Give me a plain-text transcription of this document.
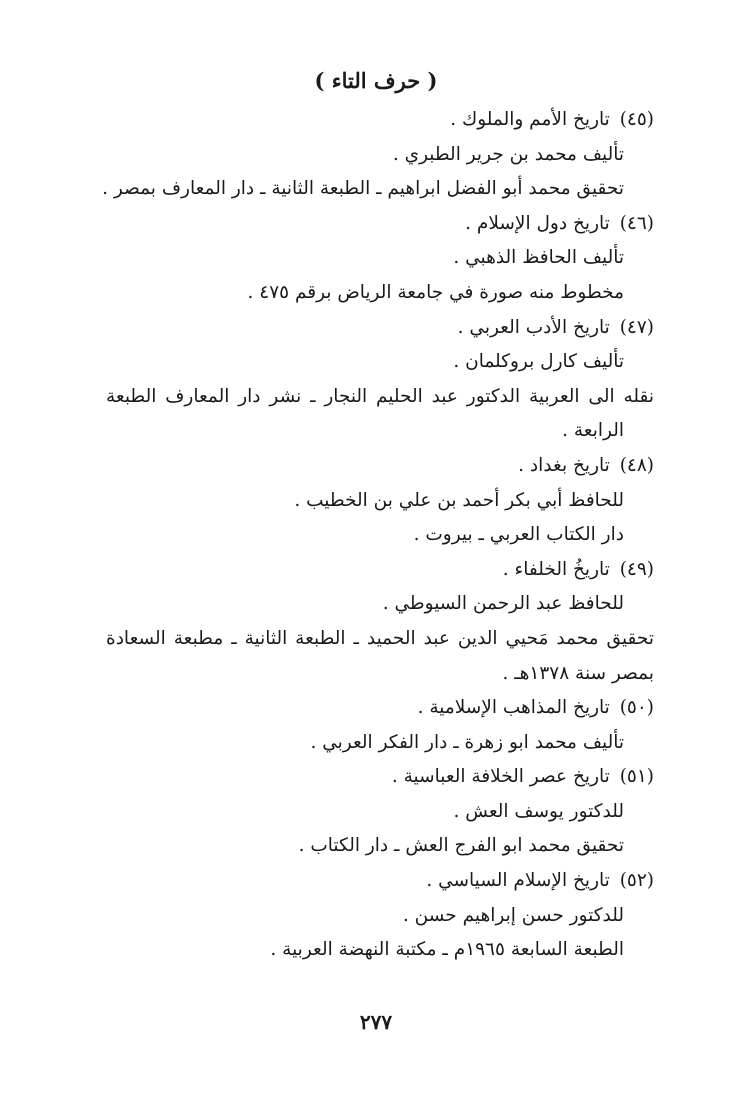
( حرف التاء )
(٤٥) تاريخ الأمم والملوك .
تأليف محمد بن جرير الطبري .
تحقيق محمد أبو الفضل ابراهيم ـ الطبعة الثانية ـ دار المعارف بمصر .
(٤٦) تاريخ دول الإسلام .
تأليف الحافظ الذهبي .
مخطوط منه صورة في جامعة الرياض برقم ٤٧٥ .
(٤٧) تاريخ الأدب العربي .
تأليف كارل بروكلمان .
نقله الى العربية الدكتور عبد الحليم النجار ـ نشر دار المعارف الطبعة
الرابعة .
(٤٨) تاريخ بغداد .
للحافظ أبي بكر أحمد بن علي بن الخطيب .
دار الكتاب العربي ـ بيروت .
(٤٩) تاريخُ الخلفاء .
للحافظ عبد الرحمن السيوطي .
تحقيق محمد مَحيي الدين عبد الحميد ـ الطبعة الثانية ـ مطبعة السعادة
بمصر سنة ١٣٧٨هـ .
(٥٠) تاريخ المذاهب الإسلامية .
تأليف محمد ابو زهرة ـ دار الفكر العربي .
(٥١) تاريخ عصر الخلافة العباسية .
للدكتور يوسف العش .
تحقيق محمد ابو الفرج العش ـ دار الكتاب .
(٥٢) تاريخ الإسلام السياسي .
للدكتور حسن إبراهيم حسن .
الطبعة السابعة ١٩٦٥م ـ مكتبة النهضة العربية .
٢٧٧
